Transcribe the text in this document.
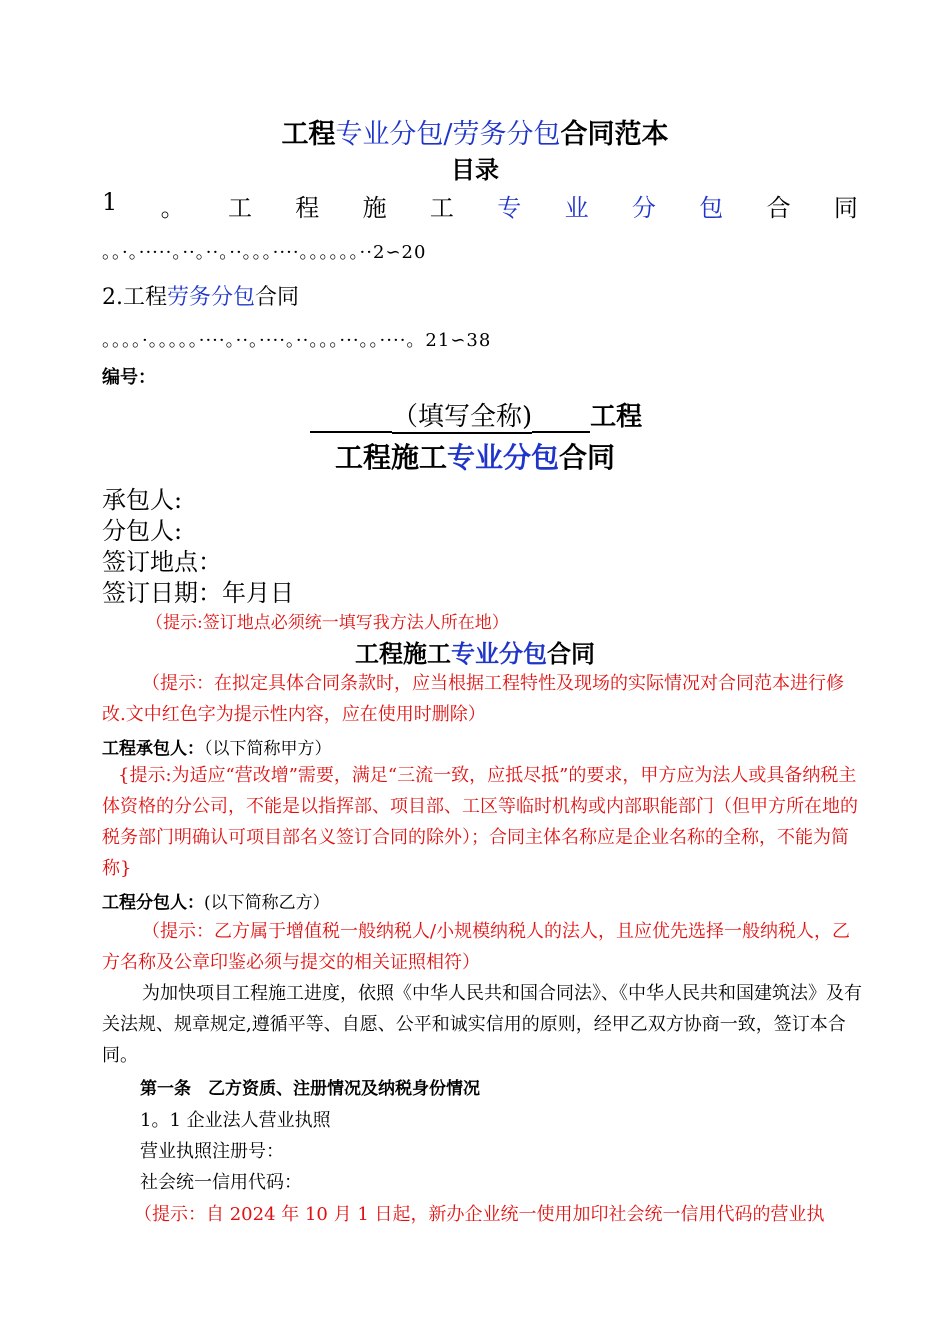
工程专业分包/劳务分包合同范本
目录
1 。 工 程 施 工 专 业 分 包 合 同
。。·。·····。··。··。··。。。····。。。。。。··2∽20
2.工程劳务分包合同
。。。。·。。。。。····。··。····。··。。。···。。····。21∽38
编号：
（填写全称) 工程
工程施工专业分包合同
承包人:
分包人:
签订地点：
签订日期：年月日
（提示:签订地点必须统一填写我方法人所在地）
工程施工专业分包合同
（提示：在拟定具体合同条款时，应当根据工程特性及现场的实际情况对合同范本进行修改.文中红色字为提示性内容，应在使用时删除）
工程承包人：（以下简称甲方）
{提示:为适应“营改增”需要，满足“三流一致，应抵尽抵”的要求，甲方应为法人或具备纳税主体资格的分公司，不能是以指挥部、项目部、工区等临时机构或内部职能部门（但甲方所在地的税务部门明确认可项目部名义签订合同的除外）；合同主体名称应是企业名称的全称，不能为简称}
工程分包人：(以下简称乙方）
（提示：乙方属于增值税一般纳税人/小规模纳税人的法人，且应优先选择一般纳税人，乙方名称及公章印鉴必须与提交的相关证照相符）
为加快项目工程施工进度，依照《中华人民共和国合同法》、《中华人民共和国建筑法》及有关法规、规章规定,遵循平等、自愿、公平和诚实信用的原则，经甲乙双方协商一致，签订本合同。
第一条　乙方资质、注册情况及纳税身份情况
1。1 企业法人营业执照
营业执照注册号：
社会统一信用代码：
（提示：自 2024 年 10 月 1 日起，新办企业统一使用加印社会统一信用代码的营业执
